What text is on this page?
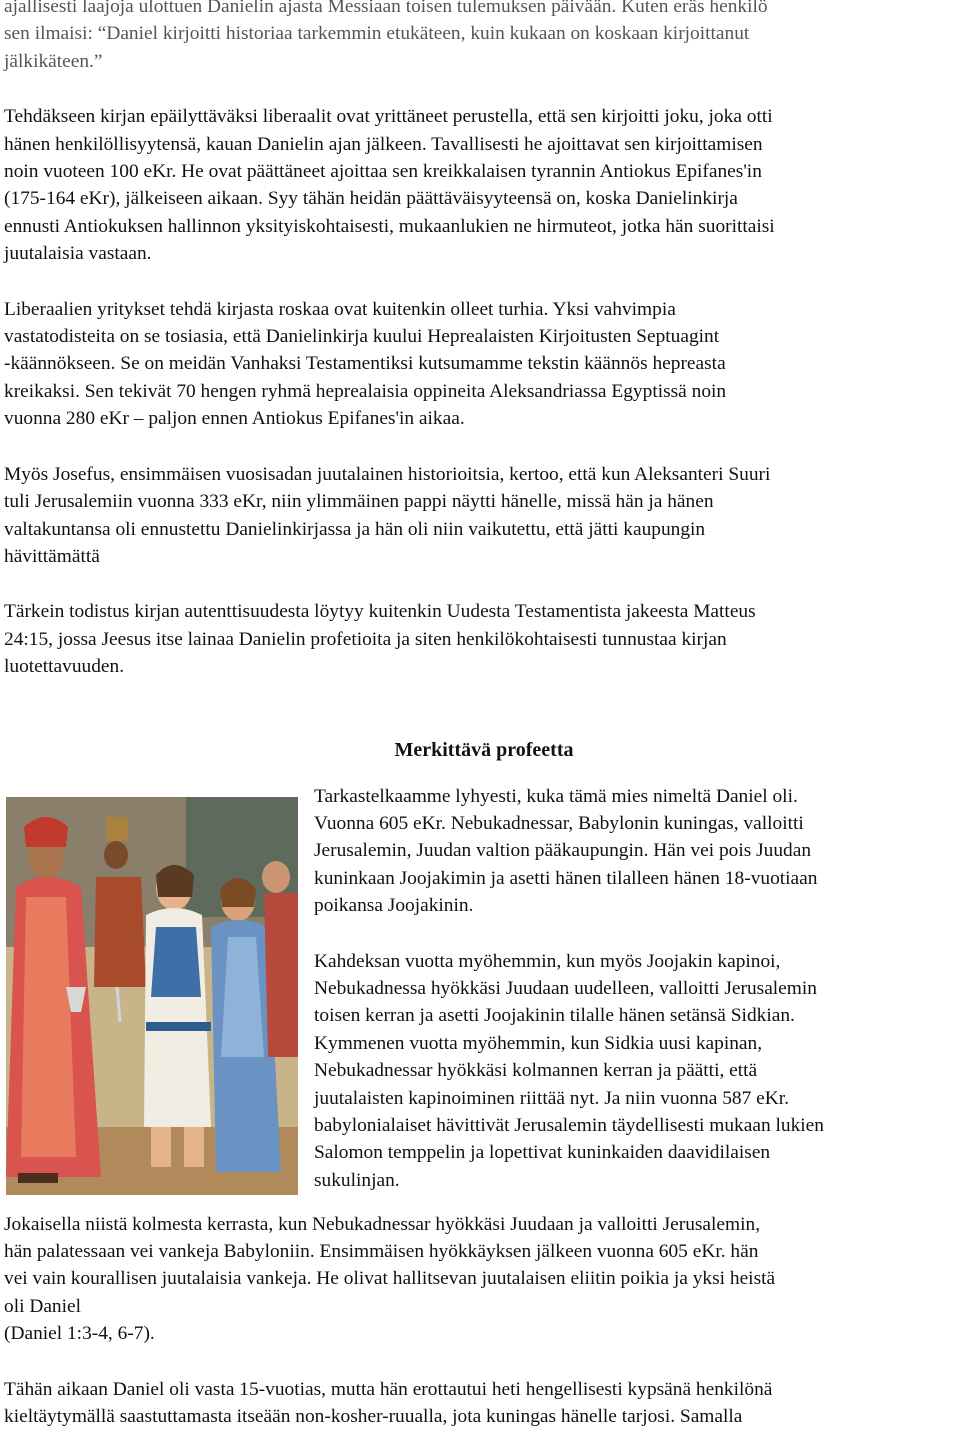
ajallisesti laajoja ulottuen Danielin ajasta Messiaan toisen tulemuksen päivään. Kuten eräs henkilö
sen ilmaisi: “Daniel kirjoitti historiaa tarkemmin etukäteen, kuin kukaan on koskaan kirjoittanut
jälkikäteen.”
Tehdäkseen kirjan epäilyttäväksi liberaalit ovat yrittäneet perustella, että sen kirjoitti joku, joka otti
hänen henkilöllisyytensä, kauan Danielin ajan jälkeen. Tavallisesti he ajoittavat sen kirjoittamisen
noin vuoteen 100 eKr. He ovat päättäneet ajoittaa sen kreikkalaisen tyrannin Antiokus Epifanes'in
(175-164 eKr), jälkeiseen aikaan. Syy tähän heidän päättäväisyyteensä on, koska Danielinkirja
ennusti Antiokuksen hallinnon yksityiskohtaisesti, mukaanlukien ne hirmuteot, jotka hän suorittaisi
juutalaisia vastaan.
Liberaalien yritykset tehdä kirjasta roskaa ovat kuitenkin olleet turhia. Yksi vahvimpia
vastatodisteita on se tosiasia, että Danielinkirja kuului Heprealaisten Kirjoitusten Septuagint
-käännökseen. Se on meidän Vanhaksi Testamentiksi kutsumamme tekstin käännös hepreasta
kreikaksi. Sen tekivät 70 hengen ryhmä heprealaisia oppineita Aleksandriassa Egyptissä noin
vuonna 280 eKr – paljon ennen Antiokus Epifanes'in aikaa.
Myös Josefus, ensimmäisen vuosisadan juutalainen historioitsia, kertoo, että kun Aleksanteri Suuri
tuli Jerusalemiin vuonna 333 eKr, niin ylimmäinen pappi näytti hänelle, missä hän ja hänen
valtakuntansa oli ennustettu Danielinkirjassa ja hän oli niin vaikutettu, että jätti kaupungin
hävittämättä
Tärkein todistus kirjan autenttisuudesta löytyy kuitenkin Uudesta Testamentista jakeesta Matteus
24:15, jossa Jeesus itse lainaa Danielin profetioita ja siten henkilökohtaisesti tunnustaa kirjan
luotettavuuden.
Merkittävä profeetta
Tarkastelkaamme lyhyesti, kuka tämä mies nimeltä Daniel oli.
Vuonna 605 eKr. Nebukadnessar, Babylonin kuningas, valloitti
Jerusalemin, Juudan valtion pääkaupungin. Hän vei pois Juudan
kuninkaan Joojakimin ja asetti hänen tilalleen hänen 18-vuotiaan
poikansa Joojakinin.
Kahdeksan vuotta myöhemmin, kun myös Joojakin kapinoi,
Nebukadnessa hyökkäsi Juudaan uudelleen, valloitti Jerusalemin
toisen kerran ja asetti Joojakinin tilalle hänen setänsä Sidkian.
Kymmenen vuotta myöhemmin, kun Sidkia uusi kapinan,
Nebukadnessar hyökkäsi kolmannen kerran ja päätti, että
juutalaisten kapinoiminen riittää nyt. Ja niin vuonna 587 eKr.
babylonialaiset hävittivät Jerusalemin täydellisesti mukaan lukien
Salomon temppelin ja lopettivat kuninkaiden daavidilaisen
sukulinjan.
Jokaisella niistä kolmesta kerrasta, kun Nebukadnessar hyökkäsi Juudaan ja valloitti Jerusalemin,
hän palatessaan vei vankeja Babyloniin. Ensimmäisen hyökkäyksen jälkeen vuonna 605 eKr. hän
vei vain kourallisen juutalaisia vankeja. He olivat hallitsevan juutalaisen eliitin poikia ja yksi heistä
oli Daniel
(Daniel 1:3-4, 6-7).
Tähän aikaan Daniel oli vasta 15-vuotias, mutta hän erottautui heti hengellisesti kypsänä henkilönä
kieltäytymällä saastuttamasta itseään non-kosher-ruualla, jota kuningas hänelle tarjosi. Samalla
